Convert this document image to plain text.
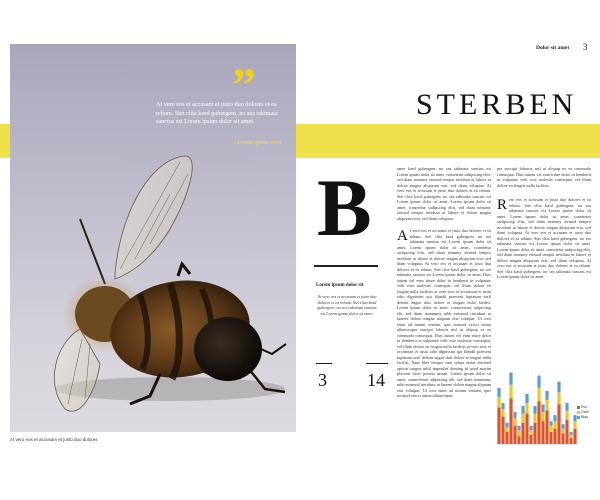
”
At vero eos et accusam et justo duo dolores et ea rebum. Stet clita kasd gubergren, no sea takimata sanctus est Lorem ipsum dolor sit amet.
- Lorem ipsum dolor
At vero eos et accusam et justo duo dolores
Dolor sit amet 3
STERBEN
B
Lorem ipsum dolor sit
At vero eos et accusam et justo duo dolores et ea rebum. Stet clita kasd gubergren, no sea takimata sanctus est Lorem ipsum dolor sit amet.
3 14
amet kasd gubergren, no sea takimata sanctus est Lorem ipsum dolor sit amet. consetetur sadipscing elitr, sed diam nonumy eirmod tempor invidunt ut labore et dolore magna aliquyam erat, sed diam voluptua. At vero eos et accusam et justo duo dolores et ea rebum. Stet clita kasd gubergren, no sea takimata sanctus est Lorem ipsum dolor sit amet. Lorem ipsum dolor sit amet, consetetur sadipscing elitr, sed diam nonumy eirmod tempor invidunt ut labore et dolore magna aliquyam erat, sed diam voluptua.
At vero eos et accusam et justo duo dolores et ea rebum. Stet clita kasd gubergren, no sea takimata sanctus est Lorem ipsum dolor sit amet. Lorem ipsum dolor sit amet, consetetur sadipscing elitr, sed diam nonumy eirmod tempor invidunt ut labore et dolore magna aliquyam erat, sed diam voluptua. At vero eos et accusam et justo duo dolores et ea rebum. Stet clita kasd gubergren, no sea takimata sanctus est Lorem ipsum dolor sit amet. Duis autem vel eum iriure dolor in hendrerit in vulputate velit esse molestie consequat, vel illum dolore eu feugiat nulla facilisis at vero eros et accumsan et iusto odio dignissim qui blandit praesent luptatum zzril delenit augue duis dolore te feugait nulla facilisi. Lorem ipsum dolor sit amet, consectetuer adipiscing elit, sed diam nonummy nibh euismod tincidunt ut laoreet dolore magna aliquam erat volutpat. Ut wisi enim ad minim veniam, quis nostrud exerci tation ullamcorper suscipit lobortis nisl ut aliquip ex ea commodo consequat. Duis autem vel eum iriure dolor in hendrerit in vulputate velit esse molestie consequat, vel illum dolore eu feugiat nulla facilisis at vero eros et accumsan et iusto odio dignissim qui blandit praesent luptatum zzril delenit augue duis dolore te feugait nulla facilisi. Nam liber tempor cum soluta nobis eleifend option congue nihil imperdiet doming id quod mazim placerat facer possim assum. Lorem ipsum dolor sit amet, consectetuer adipiscing elit, sed diam nonummy nibh euismod tincidunt ut laoreet dolore magna aliquam erat volutpat. Ut wisi enim ad minim veniam, quis nostrud exerci tation ullamcorper.
per suscipit lobortis nisl ut aliquip ex ea commodo consequat. Duis autem vel eum iriure dolor in hendrerit in vulputate velit esse molestie consequat, vel illum dolore eu feugiat nulla facilisis.
Rero eos et accusam et justo duo dolores et ea rebum. Stet clita kasd gubergren, no sea takimata sanctus est Lorem ipsum dolor sit amet. Lorem ipsum dolor sit amet, consetetur sadipscing elitr, sed diam nonumy eirmod tempor invidunt ut labore et dolore magna aliquyam erat, sed diam voluptua. At vero eos et accusam et justo duo dolores et ea rebum. Stet clita kasd gubergren, no sea takimata sanctus est Lorem ipsum dolor sit amet. Lorem ipsum dolor sit amet, consetetur sadipscing elitr, sed diam nonumy eirmod tempor invidunt ut labore et dolore magna aliquyam erat, sed diam voluptua. At vero eos et accusam et justo duo dolores et ea rebum. Stet clita kasd gubergren, no sea takimata sanctus est Lorem ipsum dolor sit amet.
Rot
Gelb
Blau
